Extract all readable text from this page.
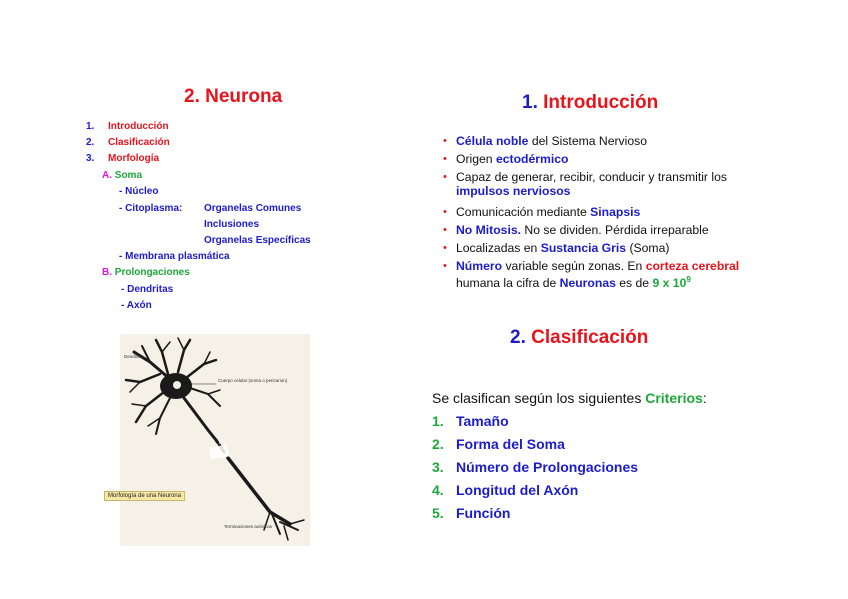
2. Neurona
1. Introducción
2. Clasificación
3. Morfología
A. Soma
- Núcleo
- Citoplasma: Organelas Comunes
Inclusiones
Organelas Específicas
- Membrana plasmática
B. Prolongaciones
- Dendritas
- Axón
Dendritas
Cuerpo celular (soma o pericarion)
Terminaciones axónicas
Morfología de una Neurona
1. Introducción
• Célula noble del Sistema Nervioso
• Origen ectodérmico
• Capaz de generar, recibir, conducir y transmitir los impulsos nerviosos
• Comunicación mediante Sinapsis
• No Mitosis. No se dividen. Pérdida irreparable
• Localizadas en Sustancia Gris (Soma)
• Número variable según zonas. En corteza cerebral humana la cifra de Neuronas es de 9 x $10^9$
2. Clasificación
Se clasifican según los siguientes Criterios:
1. Tamaño
2. Forma del Soma
3. Número de Prolongaciones
4. Longitud del Axón
5. Función
